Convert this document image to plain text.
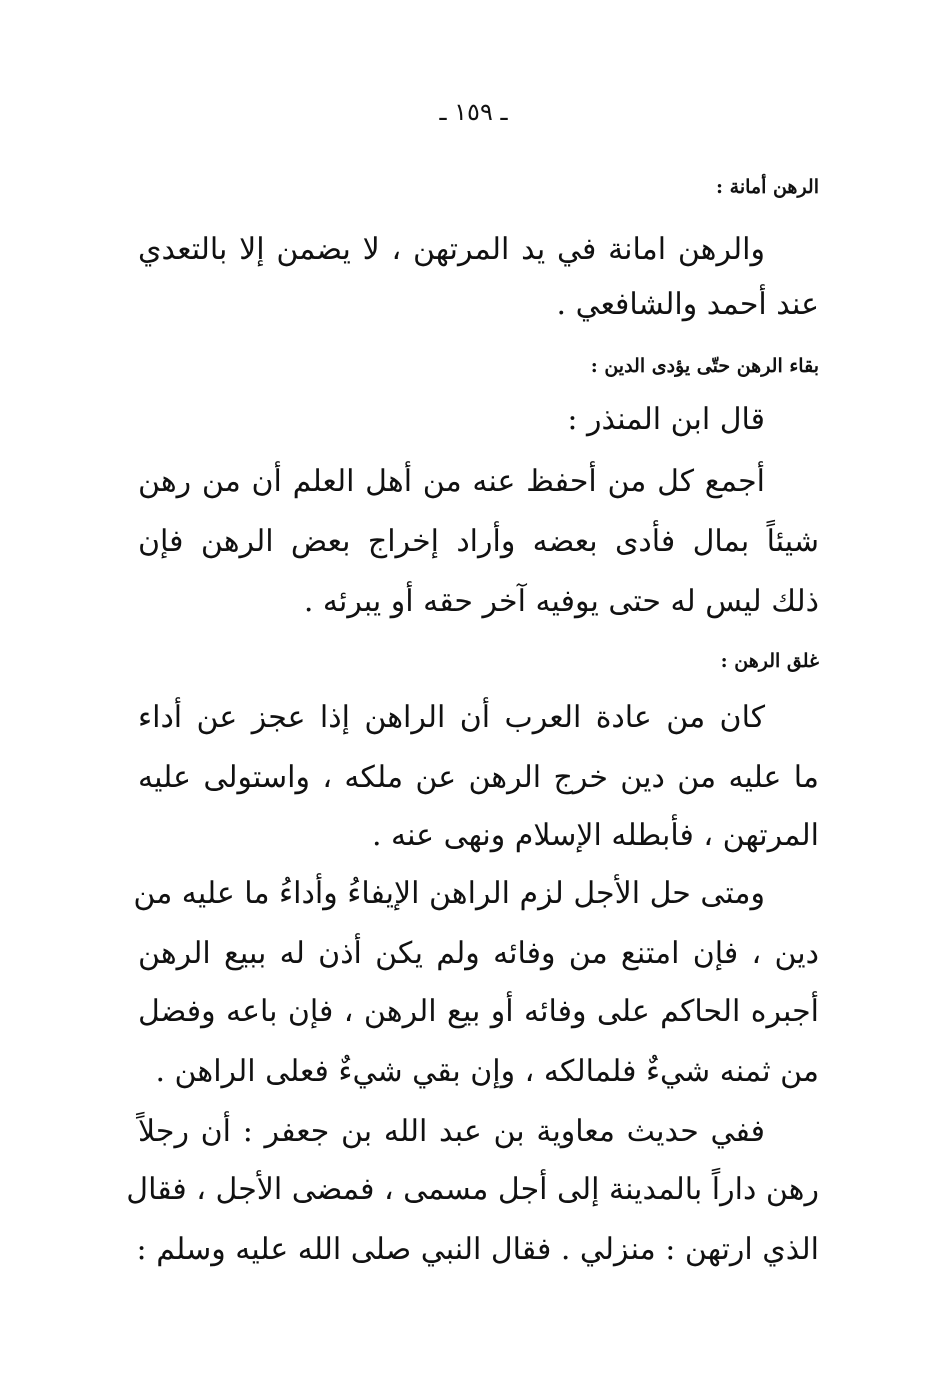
ـ ١٥٩ ـ
الرهن أمانة :
والرهن امانة في يد المرتهن ، لا يضمن إلا بالتعدي
عند أحمد والشافعي .
بقاء الرهن حتّى يؤدى الدين :
قال ابن المنذر :
أجمع كل من أحفظ عنه من أهل العلم أن من رهن
شيئاً بمال فأدى بعضه وأراد إخراج بعض الرهن فإن
ذلك ليس له حتى يوفيه آخر حقه أو يبرئه .
غلق الرهن :
كان من عادة العرب أن الراهن إذا عجز عن أداء
ما عليه من دين خرج الرهن عن ملكه ، واستولى عليه
المرتهن ، فأبطله الإسلام ونهى عنه .
ومتى حل الأجل لزم الراهن الإيفاءُ وأداءُ ما عليه من
دين ، فإن امتنع من وفائه ولم يكن أذن له ببيع الرهن
أجبره الحاكم على وفائه أو بيع الرهن ، فإن باعه وفضل
من ثمنه شيءٌ فلمالكه ، وإن بقي شيءٌ فعلى الراهن .
ففي حديث معاوية بن عبد الله بن جعفر : أن رجلاً
رهن داراً بالمدينة إلى أجل مسمى ، فمضى الأجل ، فقال
الذي ارتهن : منزلي . فقال النبي صلى الله عليه وسلم :
